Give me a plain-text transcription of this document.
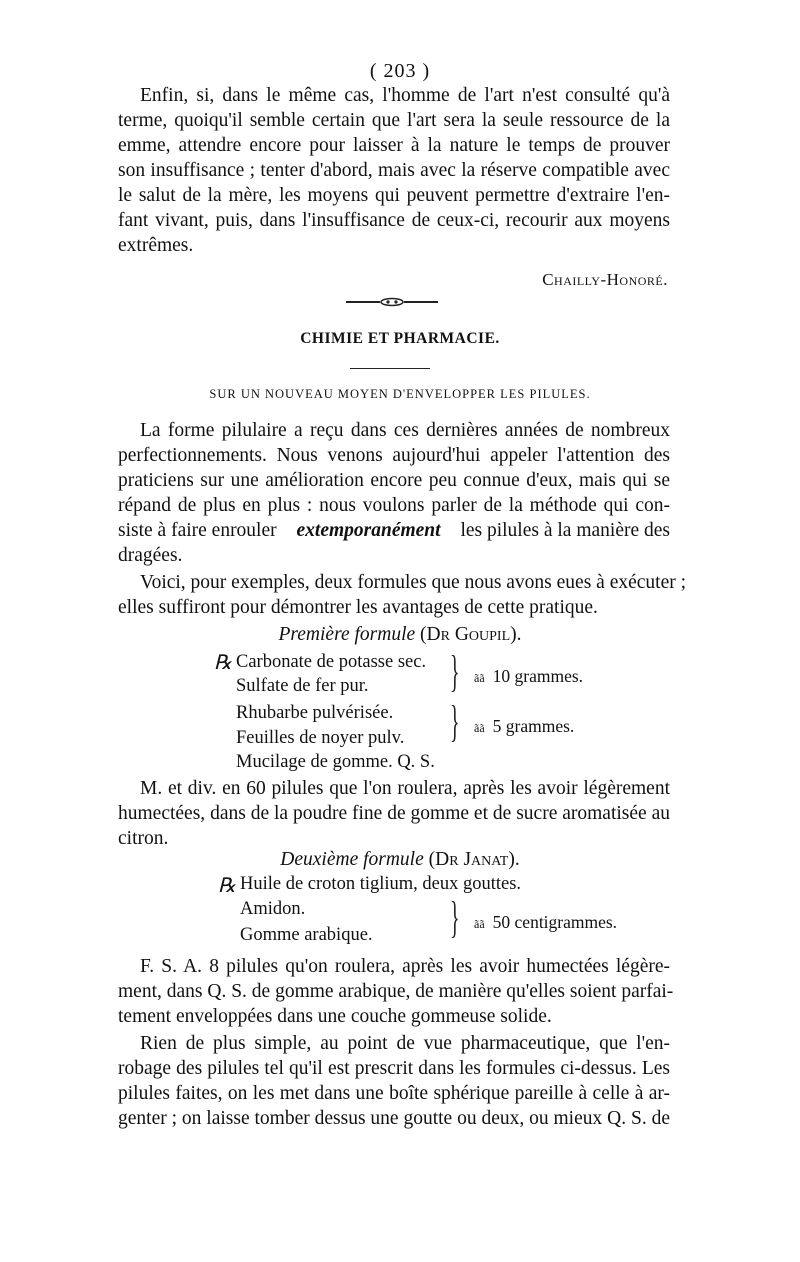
( 203 )
Enfin, si, dans le même cas, l'homme de l'art n'est consulté qu'à
terme, quoiqu'il semble certain que l'art sera la seule ressource de la
emme, attendre encore pour laisser à la nature le temps de prouver
son insuffisance ; tenter d'abord, mais avec la réserve compatible avec
le salut de la mère, les moyens qui peuvent permettre d'extraire l'en-
fant vivant, puis, dans l'insuffisance de ceux-ci, recourir aux moyens
extrêmes.
Chailly-Honoré.
CHIMIE ET PHARMACIE.
SUR UN NOUVEAU MOYEN D'ENVELOPPER LES PILULES.
La forme pilulaire a reçu dans ces dernières années de nombreux
perfectionnements. Nous venons aujourd'hui appeler l'attention des
praticiens sur une amélioration encore peu connue d'eux, mais qui se
répand de plus en plus : nous voulons parler de la méthode qui con-
siste à faire enrouler extemporanément les pilules à la manière des
dragées.
Voici, pour exemples, deux formules que nous avons eues à exécuter ;
elles suffiront pour démontrer les avantages de cette pratique.
Première formule (Dr Goupil).
℞ Carbonate de potasse sec.
Sulfate de fer pur.
Rhubarbe pulvérisée.
Feuilles de noyer pulv.
Mucilage de gomme. Q. S.
} ãã 10 grammes.
} ãã 5 grammes.
M. et div. en 60 pilules que l'on roulera, après les avoir légèrement
humectées, dans de la poudre fine de gomme et de sucre aromatisée au
citron.
Deuxième formule (Dr Janat).
℞ Huile de croton tiglium, deux gouttes.
Amidon.
Gomme arabique. } ãã 50 centigrammes.
F. S. A. 8 pilules qu'on roulera, après les avoir humectées légère-
ment, dans Q. S. de gomme arabique, de manière qu'elles soient parfai-
tement enveloppées dans une couche gommeuse solide.
Rien de plus simple, au point de vue pharmaceutique, que l'en-
robage des pilules tel qu'il est prescrit dans les formules ci-dessus. Les
pilules faites, on les met dans une boîte sphérique pareille à celle à ar-
genter ; on laisse tomber dessus une goutte ou deux, ou mieux Q. S. de
